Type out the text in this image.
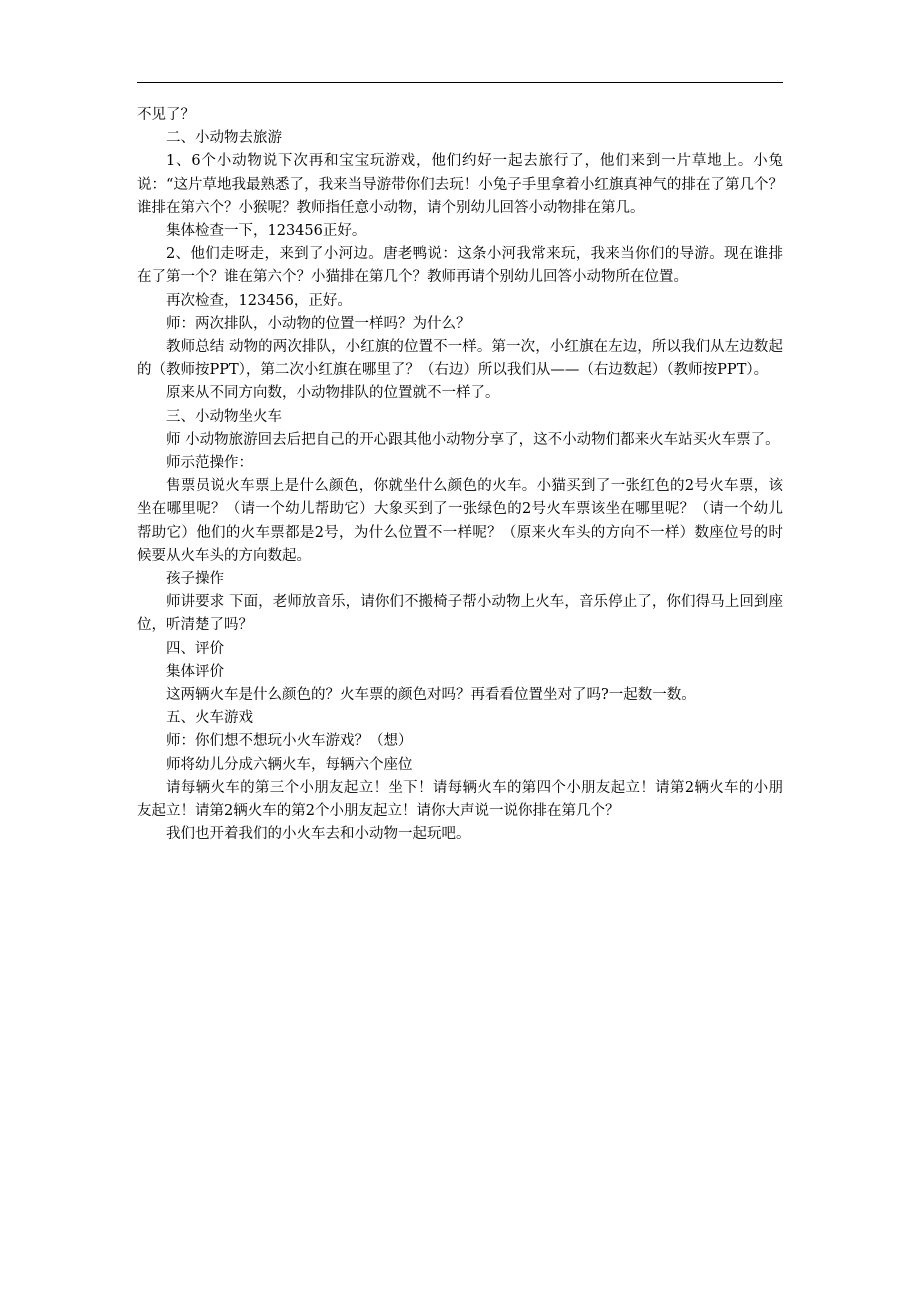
不见了？

二、小动物去旅游

1、6个小动物说下次再和宝宝玩游戏，他们约好一起去旅行了，他们来到一片草地上。小兔说：“这片草地我最熟悉了，我来当导游带你们去玩！小兔子手里拿着小红旗真神气的排在了第几个？谁排在第六个？小猴呢？教师指任意小动物，请个别幼儿回答小动物排在第几。

集体检查一下，123456正好。

2、他们走呀走，来到了小河边。唐老鸭说：这条小河我常来玩，我来当你们的导游。现在谁排在了第一个？谁在第六个？小猫排在第几个？教师再请个别幼儿回答小动物所在位置。

再次检查，123456，正好。

师：两次排队，小动物的位置一样吗？为什么？

教师总结 动物的两次排队，小红旗的位置不一样。第一次，小红旗在左边，所以我们从左边数起的（教师按PPT），第二次小红旗在哪里了？（右边）所以我们从——（右边数起）（教师按PPT）。

原来从不同方向数，小动物排队的位置就不一样了。

三、小动物坐火车

师 小动物旅游回去后把自己的开心跟其他小动物分享了，这不小动物们都来火车站买火车票了。

师示范操作：

售票员说火车票上是什么颜色，你就坐什么颜色的火车。小猫买到了一张红色的2号火车票，该坐在哪里呢？（请一个幼儿帮助它）大象买到了一张绿色的2号火车票该坐在哪里呢？（请一个幼儿帮助它）他们的火车票都是2号，为什么位置不一样呢？（原来火车头的方向不一样）数座位号的时候要从火车头的方向数起。

孩子操作

师讲要求 下面，老师放音乐，请你们不搬椅子帮小动物上火车，音乐停止了，你们得马上回到座位，听清楚了吗？

四、评价

集体评价

这两辆火车是什么颜色的？火车票的颜色对吗？再看看位置坐对了吗?一起数一数。

五、火车游戏

师：你们想不想玩小火车游戏？（想）

师将幼儿分成六辆火车，每辆六个座位

请每辆火车的第三个小朋友起立！坐下！请每辆火车的第四个小朋友起立！请第2辆火车的小朋友起立！请第2辆火车的第2个小朋友起立！请你大声说一说你排在第几个？

我们也开着我们的小火车去和小动物一起玩吧。
